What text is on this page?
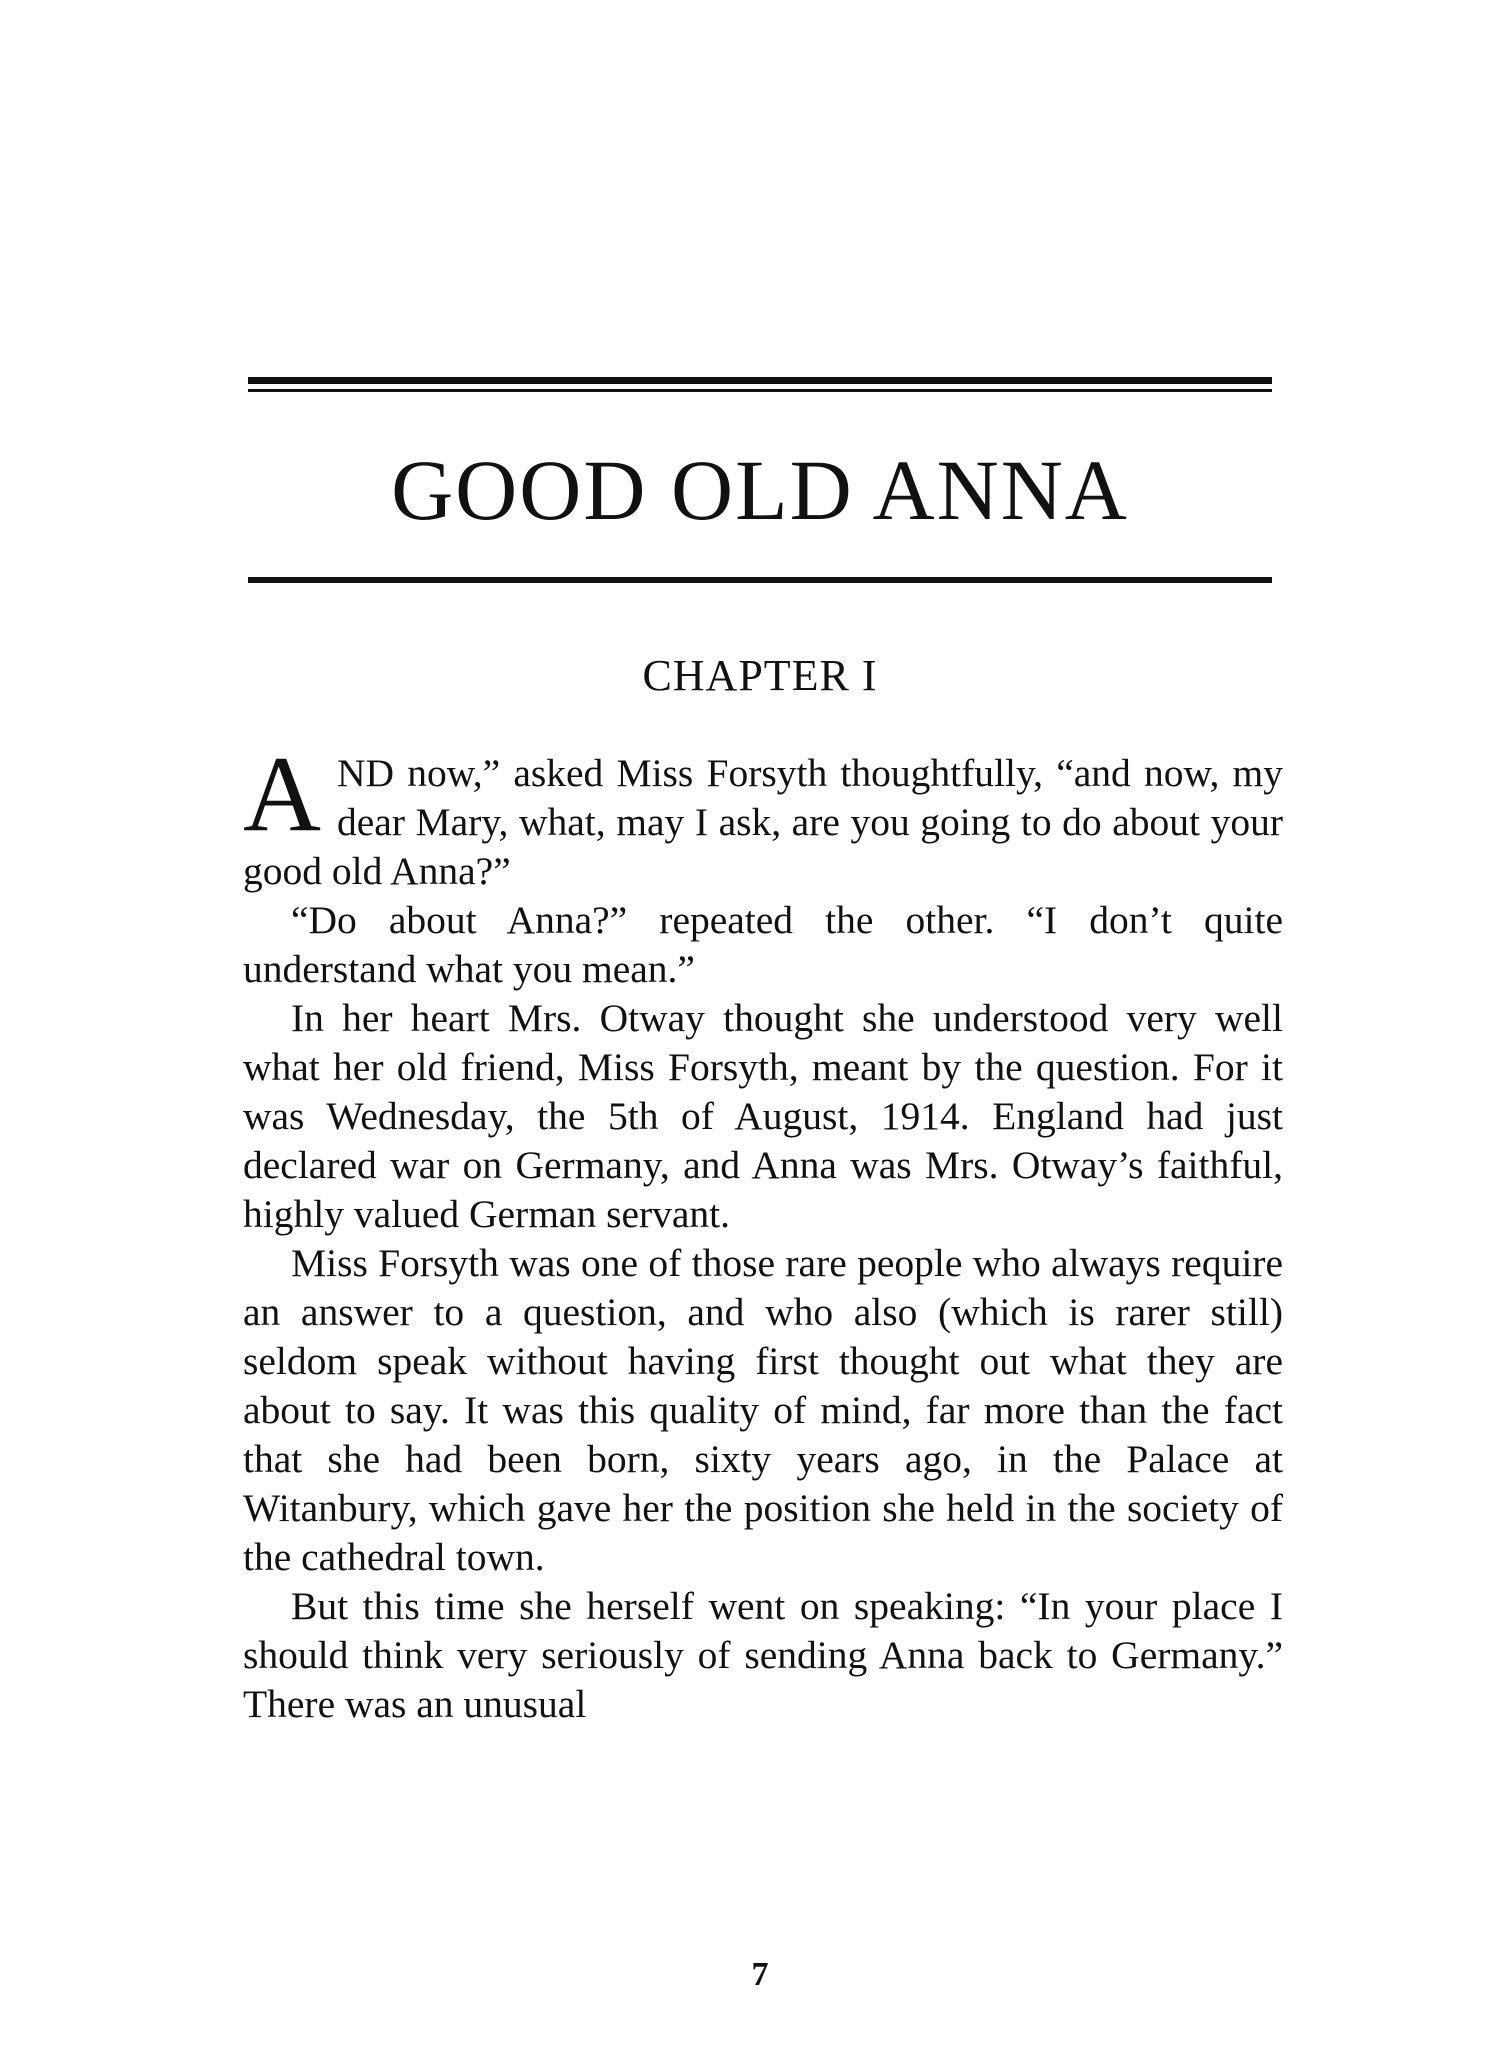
GOOD OLD ANNA
CHAPTER I

AND now,” asked Miss Forsyth thoughtfully, “and now, my dear Mary, what, may I ask, are you going to do about your good old Anna?”

“Do about Anna?” repeated the other. “I don’t quite understand what you mean.”

In her heart Mrs. Otway thought she understood very well what her old friend, Miss Forsyth, meant by the question. For it was Wednesday, the 5th of August, 1914. England had just declared war on Germany, and Anna was Mrs. Otway’s faithful, highly valued German servant.

Miss Forsyth was one of those rare people who always require an answer to a question, and who also (which is rarer still) seldom speak without having first thought out what they are about to say. It was this quality of mind, far more than the fact that she had been born, sixty years ago, in the Palace at Witanbury, which gave her the position she held in the society of the cathedral town.

But this time she herself went on speaking: “In your place I should think very seriously of sending Anna back to Germany.” There was an unusual

7
